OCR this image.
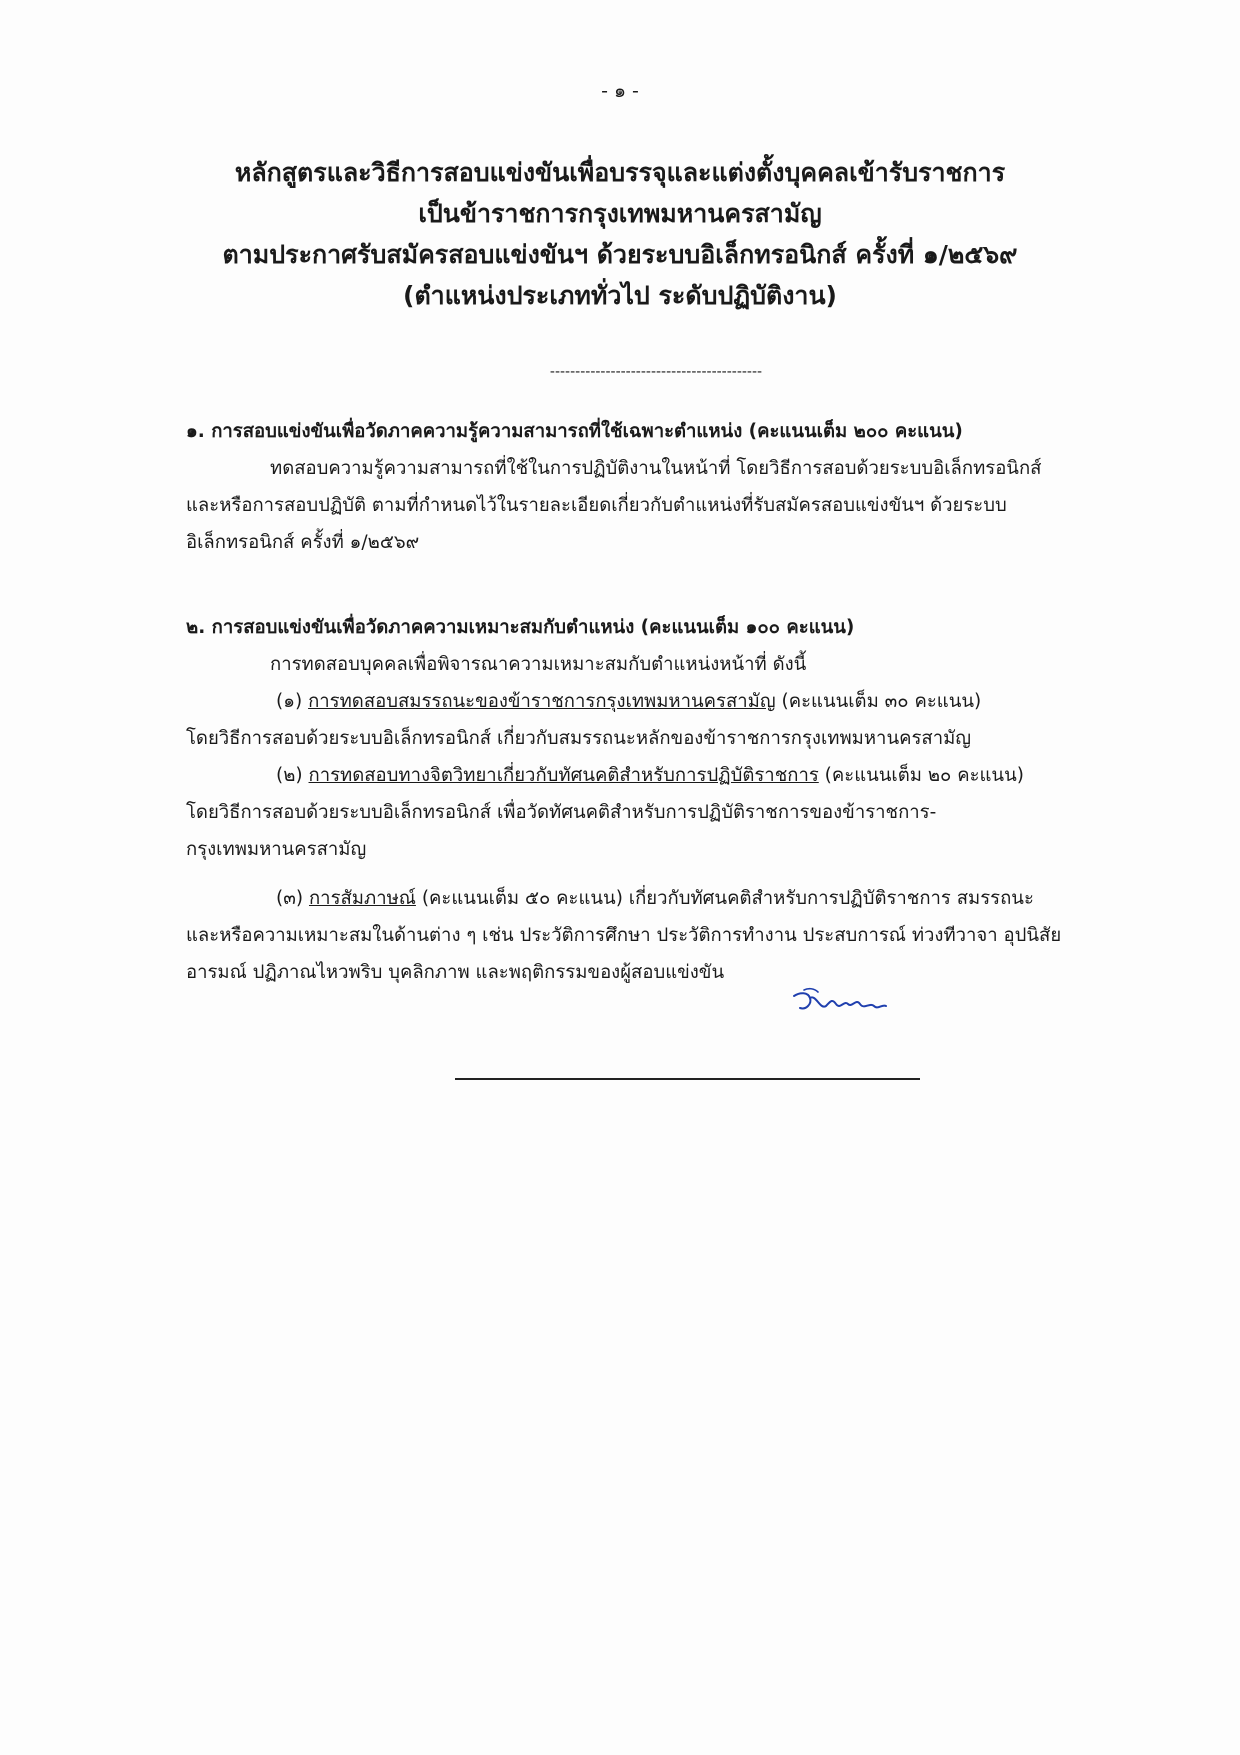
- ๑ -
หลักสูตรและวิธีการสอบแข่งขันเพื่อบรรจุและแต่งตั้งบุคคลเข้ารับราชการ
เป็นข้าราชการกรุงเทพมหานครสามัญ
ตามประกาศรับสมัครสอบแข่งขันฯ ด้วยระบบอิเล็กทรอนิกส์ ครั้งที่ ๑/๒๕๖๙
(ตำแหน่งประเภททั่วไป ระดับปฏิบัติงาน)
------------------------------------------
๑. การสอบแข่งขันเพื่อวัดภาคความรู้ความสามารถที่ใช้เฉพาะตำแหน่ง (คะแนนเต็ม ๒๐๐ คะแนน)
ทดสอบความรู้ความสามารถที่ใช้ในการปฏิบัติงานในหน้าที่ โดยวิธีการสอบด้วยระบบอิเล็กทรอนิกส์
และหรือการสอบปฏิบัติ ตามที่กำหนดไว้ในรายละเอียดเกี่ยวกับตำแหน่งที่รับสมัครสอบแข่งขันฯ ด้วยระบบ
อิเล็กทรอนิกส์ ครั้งที่ ๑/๒๕๖๙
๒. การสอบแข่งขันเพื่อวัดภาคความเหมาะสมกับตำแหน่ง (คะแนนเต็ม ๑๐๐ คะแนน)
การทดสอบบุคคลเพื่อพิจารณาความเหมาะสมกับตำแหน่งหน้าที่ ดังนี้
(๑) การทดสอบสมรรถนะของข้าราชการกรุงเทพมหานครสามัญ (คะแนนเต็ม ๓๐ คะแนน)
โดยวิธีการสอบด้วยระบบอิเล็กทรอนิกส์ เกี่ยวกับสมรรถนะหลักของข้าราชการกรุงเทพมหานครสามัญ
(๒) การทดสอบทางจิตวิทยาเกี่ยวกับทัศนคติสำหรับการปฏิบัติราชการ (คะแนนเต็ม ๒๐ คะแนน)
โดยวิธีการสอบด้วยระบบอิเล็กทรอนิกส์ เพื่อวัดทัศนคติสำหรับการปฏิบัติราชการของข้าราชการ-
กรุงเทพมหานครสามัญ
(๓) การสัมภาษณ์ (คะแนนเต็ม ๕๐ คะแนน) เกี่ยวกับทัศนคติสำหรับการปฏิบัติราชการ สมรรถนะ
และหรือความเหมาะสมในด้านต่าง ๆ เช่น ประวัติการศึกษา ประวัติการทำงาน ประสบการณ์ ท่วงทีวาจา อุปนิสัย
อารมณ์ ปฏิภาณไหวพริบ บุคลิกภาพ และพฤติกรรมของผู้สอบแข่งขัน
